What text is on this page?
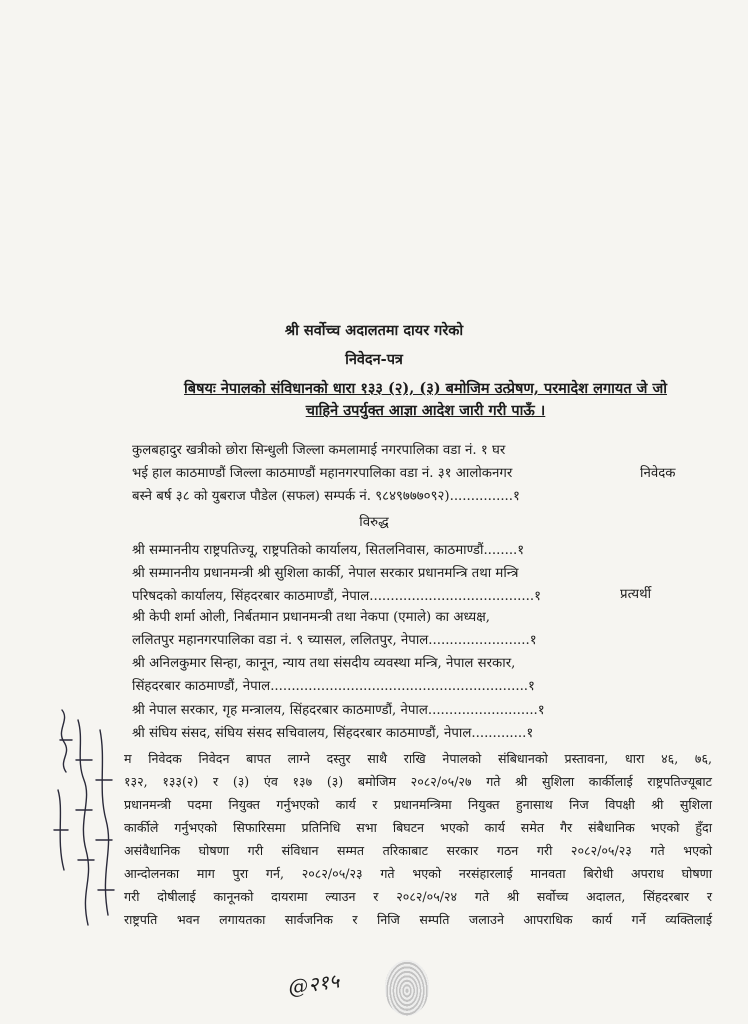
श्री सर्वोच्च अदालतमा दायर गरेको
निवेदन-पत्र
बिषयः नेपालको संविधानको धारा १३३ (२), (३) बमोजिम उत्प्रेषण, परमादेश लगायत जे जो
चाहिने उपर्युक्त आज्ञा आदेश जारी गरी पाऊँ ।
कुलबहादुर खत्रीको छोरा सिन्धुली जिल्ला कमलामाई नगरपालिका वडा नं. १ घर
भई हाल काठमाण्डौं जिल्ला काठमाण्डौं महानगरपालिका वडा नं. ३१ आलोकनगर
बस्ने बर्ष ३८ को युबराज पौडेल (सफल) सम्पर्क नं. ९८४९७७७०९२)...............१
निवेदक
विरुद्ध
श्री सम्माननीय राष्ट्रपतिज्यू, राष्ट्रपतिको कार्यालय, सितलनिवास, काठमाण्डौं........१
श्री सम्माननीय प्रधानमन्त्री श्री सुशिला कार्की, नेपाल सरकार प्रधानमन्त्रि तथा मन्त्रि
परिषदको कार्यालय, सिंहदरबार काठमाण्डौं, नेपाल.......................................१	प्रत्यर्थी
श्री केपी शर्मा ओली, निर्बतमान प्रधानमन्त्री तथा नेकपा (एमाले) का अध्यक्ष,
ललितपुर महानगरपालिका वडा नं. ९ च्यासल, ललितपुर, नेपाल........................१
श्री अनिलकुमार सिन्हा, कानून, न्याय तथा संसदीय व्यवस्था मन्त्रि, नेपाल सरकार,
सिंहदरबार काठमाण्डौं, नेपाल.............................................................१
श्री नेपाल सरकार, गृह मन्त्रालय, सिंहदरबार काठमाण्डौं, नेपाल..........................१
श्री संघिय संसद, संघिय संसद सचिवालय, सिंहदरबार काठमाण्डौं, नेपाल.............१
म निवेदक निवेदन बापत लाग्ने दस्तुर साथै राखि नेपालको संबिधानको प्रस्तावना, धारा ४६, ७६,
१३२, १३३(२) र (३) एंव १३७ (३) बमोजिम २०८२/०५/२७ गते श्री सुशिला कार्कीलाई राष्ट्रपतिज्यूबाट
प्रधानमन्त्री पदमा नियुक्त गर्नुभएको कार्य र प्रधानमन्त्रिमा नियुक्त हुनासाथ निज विपक्षी श्री सुशिला
कार्कीले गर्नुभएको सिफारिसमा प्रतिनिधि सभा बिघटन भएको कार्य समेत गैर संबैधानिक भएको हुँदा
असंवैधानिक घोषणा गरी संविधान सम्मत तरिकाबाट सरकार गठन गरी २०८२/०५/२३ गते भएको
आन्दोलनका माग पुरा गर्न, २०८२/०५/२३ गते भएको नरसंहारलाई मानवता बिरोधी अपराध घोषणा
गरी दोषीलाई कानूनको दायरामा ल्याउन र २०८२/०५/२४ गते श्री सर्वोच्च अदालत, सिंहदरबार र
राष्ट्रपति भवन लगायतका सार्वजनिक र निजि सम्पति जलाउने आपराधिक कार्य गर्ने व्यक्तिलाई
@२१५
